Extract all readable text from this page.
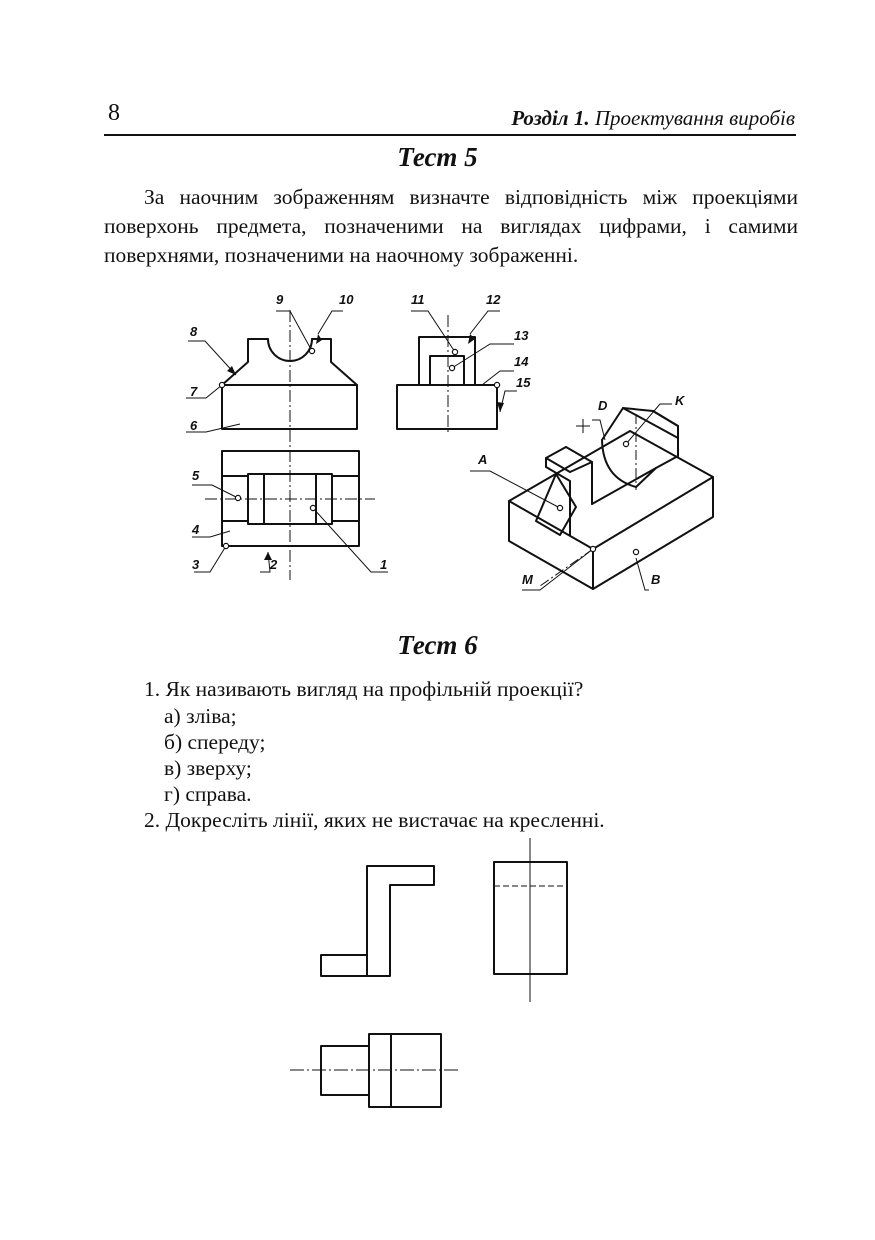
8	Розділ 1. Проектування виробів
Тест 5

За наочним зображенням визначте відповідність між проекціями поверхонь предмета, позначеними на виглядах цифрами, і самими поверхнями, позначеними на наочному зображенні.

8
7
6
5
4
3	2	1
9	10	11	12
13
14
15
A
D	K
M	B
Тест 6
1. Як називають вигляд на профільній проекції?
а) зліва;
б) спереду;
в) зверху;
г) справа.
2. Докресліть лінії, яких не вистачає на кресленні.
